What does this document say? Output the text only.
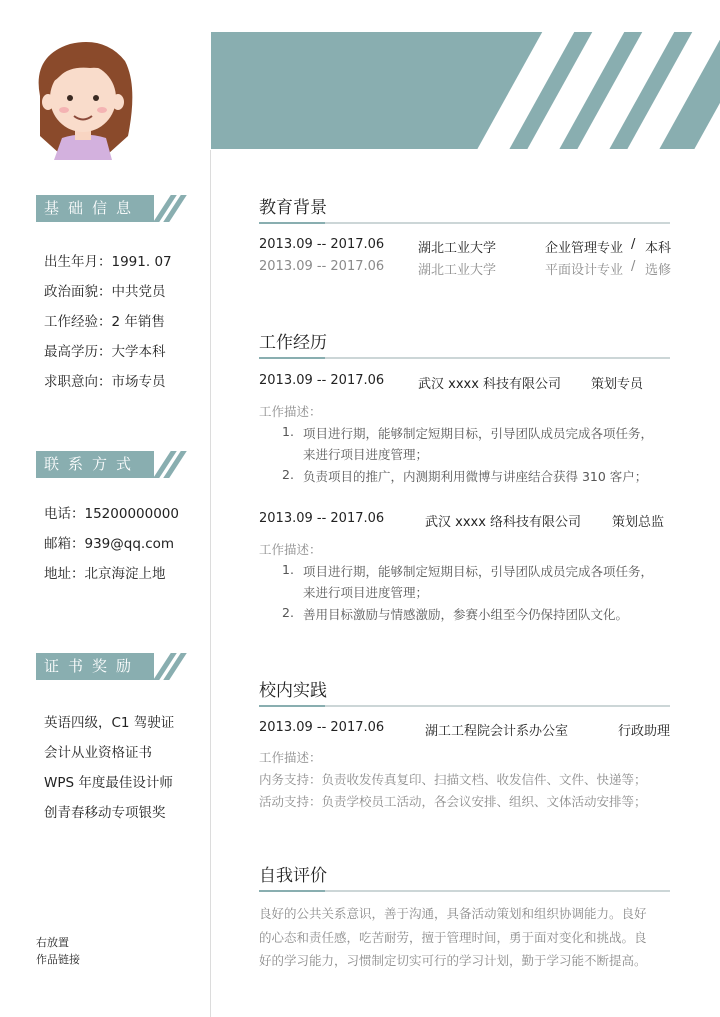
基础信息
出生年月：1991. 07
政治面貌：中共党员
工作经验：2 年销售
最高学历：大学本科
求职意向：市场专员
联系方式
电话：15200000000
邮箱：939@qq.com
地址：北京海淀上地
证书奖励
英语四级，C1 驾驶证
会计从业资格证书
WPS 年度最佳设计师
创青春移动专项银奖
右放置
作品链接
教育背景
2013.09 -- 2017.06	湖北工业大学	企业管理专业 / 本科
2013.09 -- 2017.06	湖北工业大学	平面设计专业 / 选修
工作经历
2013.09 -- 2017.06	武汉 xxxx 科技有限公司 策划专员
工作描述：
1. 项目进行期，能够制定短期目标，引导团队成员完成各项任务，
来进行项目进度管理；
2. 负责项目的推广，内测期利用微博与讲座结合获得 310 客户；
2013.09 -- 2017.06	武汉 xxxx 络科技有限公司 策划总监
工作描述：
1. 项目进行期，能够制定短期目标，引导团队成员完成各项任务，
来进行项目进度管理；
2. 善用目标激励与情感激励，参赛小组至今仍保持团队文化。
校内实践
2013.09 -- 2017.06	湖工工程院会计系办公室	行政助理
工作描述：
内务支持：负责收发传真复印、扫描文档、收发信件、文件、快递等；
活动支持：负责学校员工活动，各会议安排、组织、文体活动安排等；
自我评价
良好的公共关系意识，善于沟通，具备活动策划和组织协调能力。良好
的心态和责任感，吃苦耐劳，擅于管理时间，勇于面对变化和挑战。良
好的学习能力，习惯制定切实可行的学习计划，勤于学习能不断提高。
